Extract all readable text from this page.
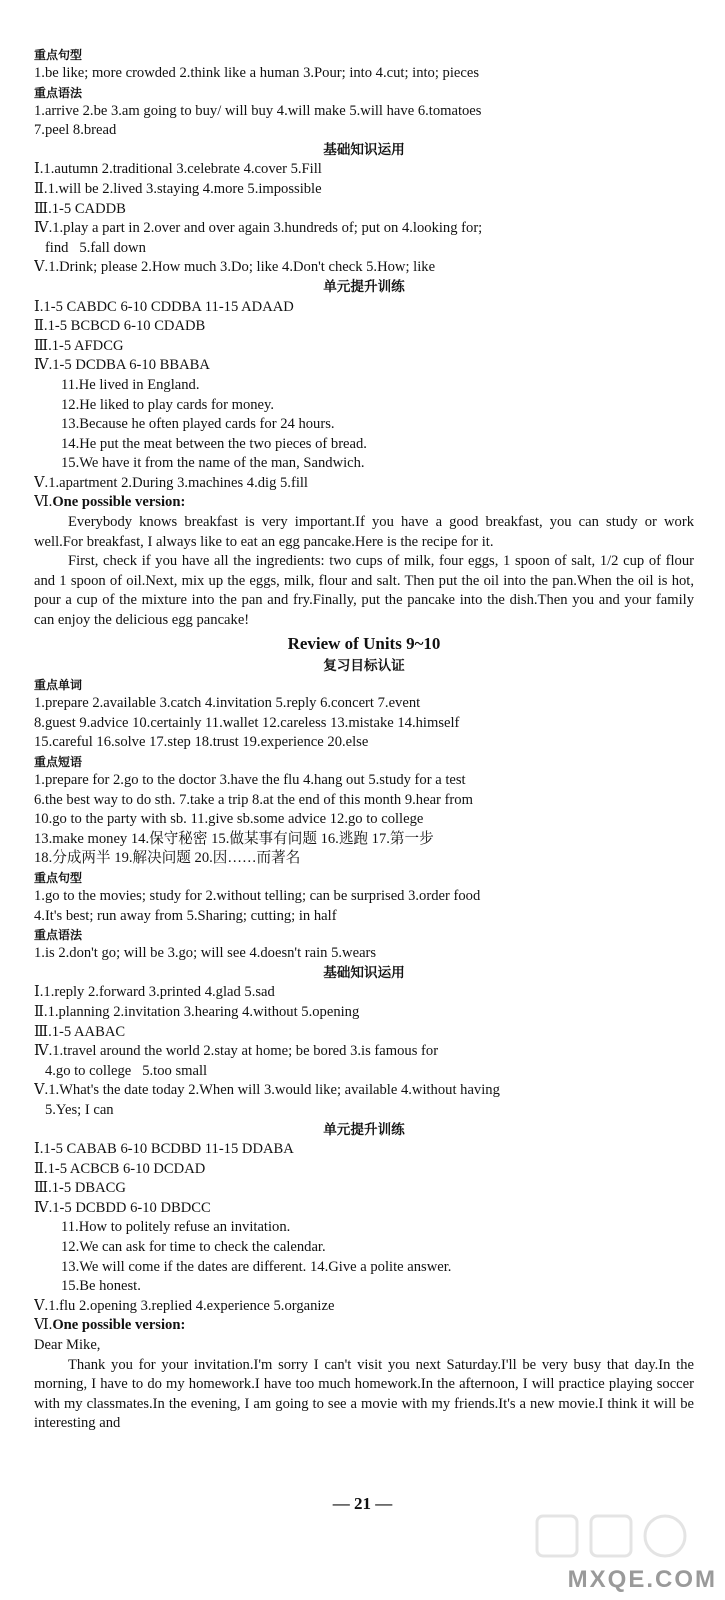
重点句型
1.be like; more crowded 2.think like a human 3.Pour; into 4.cut; into; pieces
重点语法
1.arrive 2.be 3.am going to buy/ will buy 4.will make 5.will have 6.tomatoes
7.peel 8.bread
基础知识运用
Ⅰ.1.autumn 2.traditional 3.celebrate 4.cover 5.Fill
Ⅱ.1.will be 2.lived 3.staying 4.more 5.impossible
Ⅲ.1-5 CADDB
Ⅳ.1.play a part in 2.over and over again 3.hundreds of; put on 4.looking for;
find   5.fall down
Ⅴ.1.Drink; please 2.How much 3.Do; like 4.Don't check 5.How; like
单元提升训练
Ⅰ.1-5 CABDC 6-10 CDDBA 11-15 ADAAD
Ⅱ.1-5 BCBCD 6-10 CDADB
Ⅲ.1-5 AFDCG
Ⅳ.1-5 DCDBA 6-10 BBABA
11.He lived in England.
12.He liked to play cards for money.
13.Because he often played cards for 24 hours.
14.He put the meat between the two pieces of bread.
15.We have it from the name of the man, Sandwich.
Ⅴ.1.apartment 2.During 3.machines 4.dig 5.fill
Ⅵ.One possible version:
Everybody knows breakfast is very important.If you have a good breakfast, you can study or work well.For breakfast, I always like to eat an egg pancake.Here is the recipe for it.
First, check if you have all the ingredients: two cups of milk, four eggs, 1 spoon of salt, 1/2 cup of flour and 1 spoon of oil.Next, mix up the eggs, milk, flour and salt. Then put the oil into the pan.When the oil is hot, pour a cup of the mixture into the pan and fry.Finally, put the pancake into the dish.Then you and your family can enjoy the delicious egg pancake!
Review of Units 9~10
复习目标认证
重点单词
1.prepare 2.available 3.catch 4.invitation 5.reply 6.concert 7.event
8.guest 9.advice 10.certainly 11.wallet 12.careless 13.mistake 14.himself
15.careful 16.solve 17.step 18.trust 19.experience 20.else
重点短语
1.prepare for 2.go to the doctor 3.have the flu 4.hang out 5.study for a test
6.the best way to do sth. 7.take a trip 8.at the end of this month 9.hear from
10.go to the party with sb. 11.give sb.some advice 12.go to college
13.make money 14.保守秘密 15.做某事有问题 16.逃跑 17.第一步
18.分成两半 19.解决问题 20.因……而著名
重点句型
1.go to the movies; study for 2.without telling; can be surprised 3.order food
4.It's best; run away from 5.Sharing; cutting; in half
重点语法
1.is 2.don't go; will be 3.go; will see 4.doesn't rain 5.wears
基础知识运用
Ⅰ.1.reply 2.forward 3.printed 4.glad 5.sad
Ⅱ.1.planning 2.invitation 3.hearing 4.without 5.opening
Ⅲ.1-5 AABAC
Ⅳ.1.travel around the world 2.stay at home; be bored 3.is famous for
4.go to college   5.too small
Ⅴ.1.What's the date today 2.When will 3.would like; available 4.without having
5.Yes; I can
单元提升训练
Ⅰ.1-5 CABAB 6-10 BCDBD 11-15 DDABA
Ⅱ.1-5 ACBCB 6-10 DCDAD
Ⅲ.1-5 DBACG
Ⅳ.1-5 DCBDD 6-10 DBDCC
11.How to politely refuse an invitation.
12.We can ask for time to check the calendar.
13.We will come if the dates are different. 14.Give a polite answer.
15.Be honest.
Ⅴ.1.flu 2.opening 3.replied 4.experience 5.organize
Ⅵ.One possible version:
Dear Mike,
Thank you for your invitation.I'm sorry I can't visit you next Saturday.I'll be very busy that day.In the morning, I have to do my homework.I have too much homework.In the afternoon, I will practice playing soccer with my classmates.In the evening, I am going to see a movie with my friends.It's a new movie.I think it will be interesting and
— 21 —
MXQE.COM
